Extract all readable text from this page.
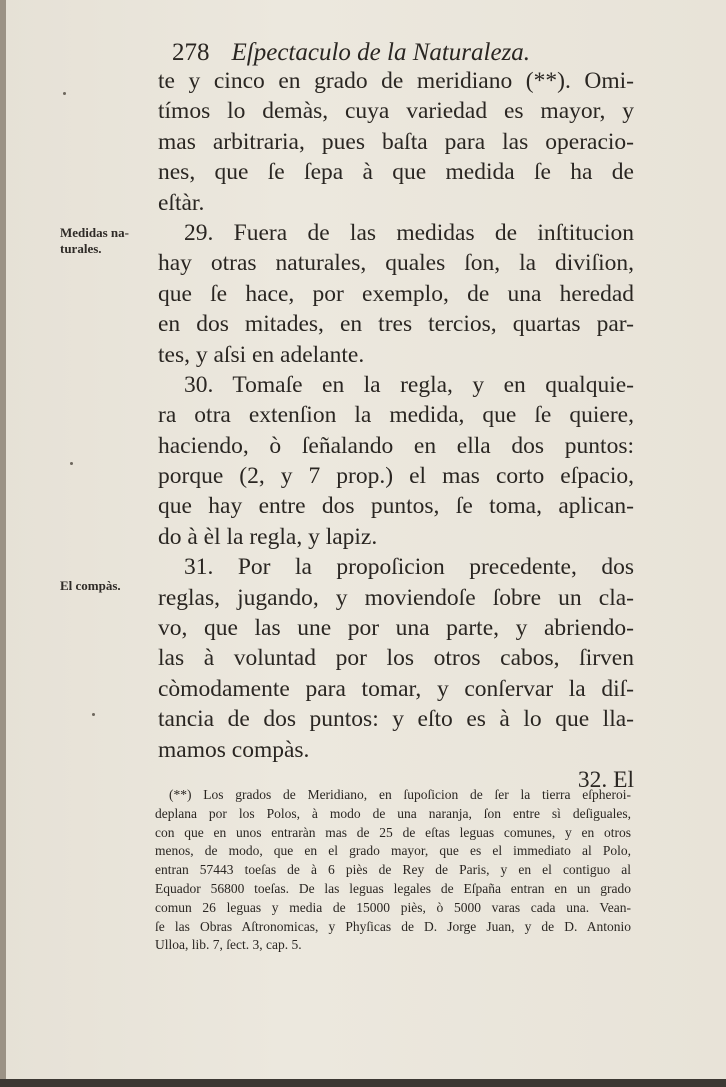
278 Eſpectaculo de la Naturaleza.
Medidas na-
turales.
El compàs.
te y cinco en grado de meridiano (**). Omi-
tímos lo demàs, cuya variedad es mayor, y
mas arbitraria, pues baſta para las operacio-
nes, que ſe ſepa à que medida ſe ha de
eſtàr.
29. Fuera de las medidas de inſtitucion
hay otras naturales, quales ſon, la diviſion,
que ſe hace, por exemplo, de una heredad
en dos mitades, en tres tercios, quartas par-
tes, y aſsi en adelante.
30. Tomaſe en la regla, y en qualquie-
ra otra extenſion la medida, que ſe quiere,
haciendo, ò ſeñalando en ella dos puntos:
porque (2, y 7 prop.) el mas corto eſpacio,
que hay entre dos puntos, ſe toma, aplican-
do à èl la regla, y lapiz.
31. Por la propoſicion precedente, dos
reglas, jugando, y moviendoſe ſobre un cla-
vo, que las une por una parte, y abriendo-
las à voluntad por los otros cabos, ſirven
còmodamente para tomar, y conſervar la diſ-
tancia de dos puntos: y eſto es à lo que lla-
mamos compàs.
32. El
(**) Los grados de Meridiano, en ſupoſicion de ſer la tierra eſpheroi-
deplana por los Polos, à modo de una naranja, ſon entre sì deſiguales,
con que en unos entraràn mas de 25 de eſtas leguas comunes, y en otros
menos, de modo, que en el grado mayor, que es el immediato al Polo,
entran 57443 toeſas de à 6 piès de Rey de Paris, y en el contiguo al
Equador 56800 toeſas. De las leguas legales de Eſpaña entran en un grado
comun 26 leguas y media de 15000 piès, ò 5000 varas cada una. Vean-
ſe las Obras Aſtronomicas, y Phyſicas de D. Jorge Juan, y de D. Antonio
Ulloa, lib. 7, ſect. 3, cap. 5.
